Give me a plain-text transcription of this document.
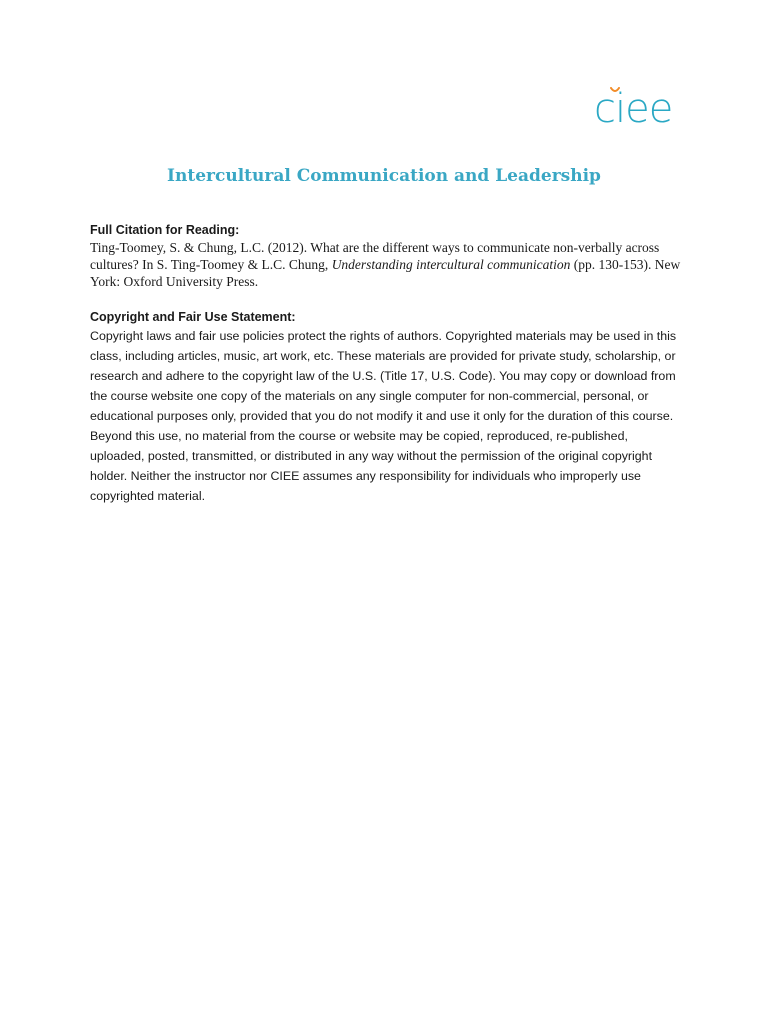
ciee
Intercultural Communication and Leadership

Full Citation for Reading:

Ting-Toomey, S. & Chung, L.C. (2012). What are the different ways to communicate non-verbally across cultures? In S. Ting-Toomey & L.C. Chung, Understanding intercultural communication (pp. 130-153). New York: Oxford University Press.

Copyright and Fair Use Statement:

Copyright laws and fair use policies protect the rights of authors. Copyrighted materials may be used in this class, including articles, music, art work, etc. These materials are provided for private study, scholarship, or research and adhere to the copyright law of the U.S. (Title 17, U.S. Code). You may copy or download from the course website one copy of the materials on any single computer for non-commercial, personal, or educational purposes only, provided that you do not modify it and use it only for the duration of this course. Beyond this use, no material from the course or website may be copied, reproduced, re-published, uploaded, posted, transmitted, or distributed in any way without the permission of the original copyright holder. Neither the instructor nor CIEE assumes any responsibility for individuals who improperly use copyrighted material.
